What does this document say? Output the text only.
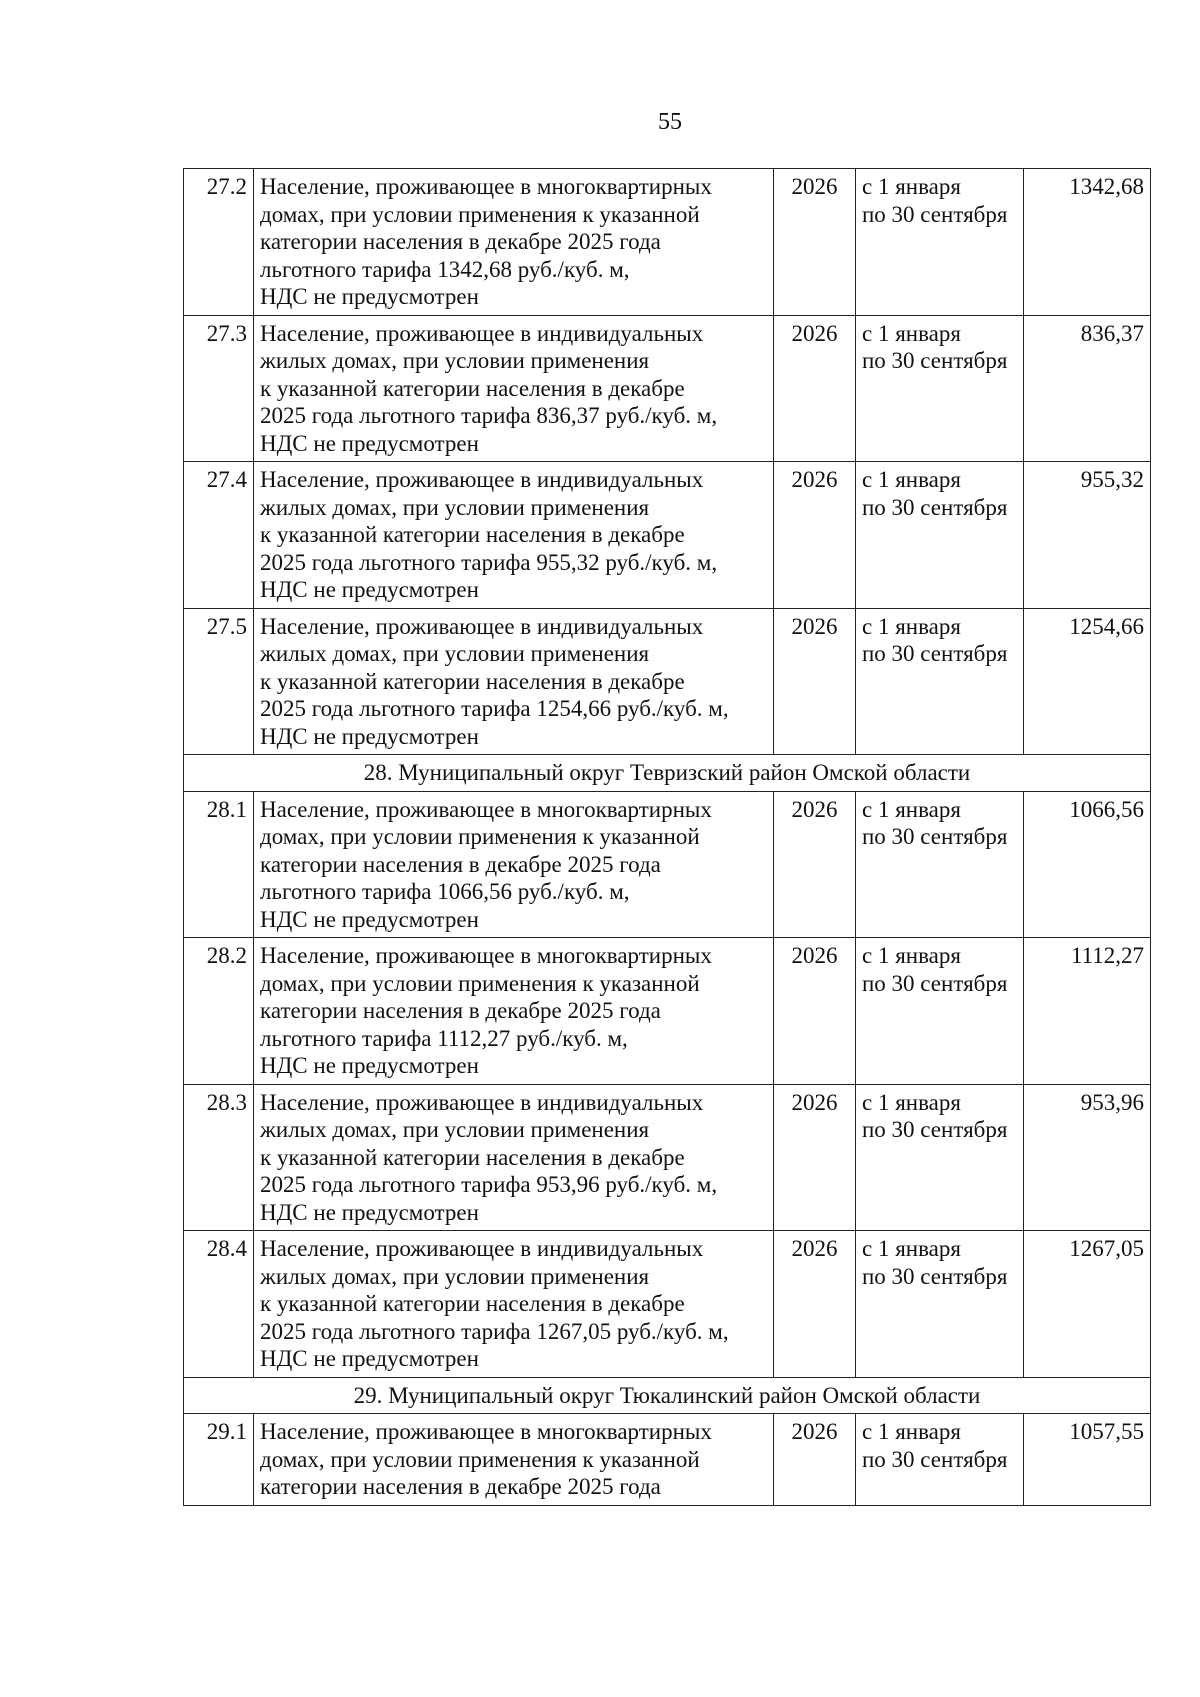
55
27.2	Население, проживающее в многоквартирных
домах, при условии применения к указанной
категории населения в декабре 2025 года
льготного тарифа 1342,68 руб./куб. м,
НДС не предусмотрен	2026	с 1 января
по 30 сентября	1342,68
27.3	Население, проживающее в индивидуальных
жилых домах, при условии применения
к указанной категории населения в декабре
2025 года льготного тарифа 836,37 руб./куб. м,
НДС не предусмотрен	2026	с 1 января
по 30 сентября	836,37
27.4	Население, проживающее в индивидуальных
жилых домах, при условии применения
к указанной категории населения в декабре
2025 года льготного тарифа 955,32 руб./куб. м,
НДС не предусмотрен	2026	с 1 января
по 30 сентября	955,32
27.5	Население, проживающее в индивидуальных
жилых домах, при условии применения
к указанной категории населения в декабре
2025 года льготного тарифа 1254,66 руб./куб. м,
НДС не предусмотрен	2026	с 1 января
по 30 сентября	1254,66
28. Муниципальный округ Тевризский район Омской области				
28.1	Население, проживающее в многоквартирных
домах, при условии применения к указанной
категории населения в декабре 2025 года
льготного тарифа 1066,56 руб./куб. м,
НДС не предусмотрен	2026	с 1 января
по 30 сентября	1066,56
28.2	Население, проживающее в многоквартирных
домах, при условии применения к указанной
категории населения в декабре 2025 года
льготного тарифа 1112,27 руб./куб. м,
НДС не предусмотрен	2026	с 1 января
по 30 сентября	1112,27
28.3	Население, проживающее в индивидуальных
жилых домах, при условии применения
к указанной категории населения в декабре
2025 года льготного тарифа 953,96 руб./куб. м,
НДС не предусмотрен	2026	с 1 января
по 30 сентября	953,96
28.4	Население, проживающее в индивидуальных
жилых домах, при условии применения
к указанной категории населения в декабре
2025 года льготного тарифа 1267,05 руб./куб. м,
НДС не предусмотрен	2026	с 1 января
по 30 сентября	1267,05
29. Муниципальный округ Тюкалинский район Омской области				
29.1	Население, проживающее в многоквартирных
домах, при условии применения к указанной
категории населения в декабре 2025 года	2026	с 1 января
по 30 сентября	1057,55
